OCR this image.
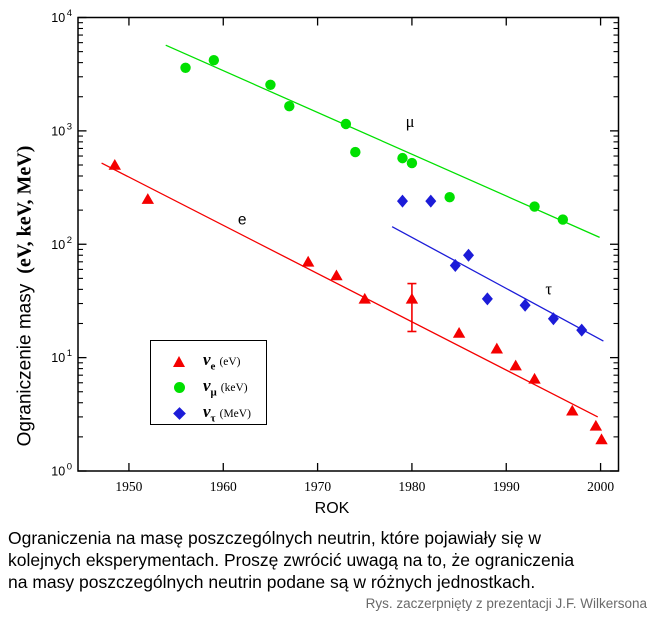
1950	1960	1970	1980	1990	2000
10 $^0$
10 $^1$
10 $^2$
10 $^3$
10 $^4$
e
μ
τ
Ograniczenie masy(eV, keV, MeV)
ROK
$\nu_e$ (eV)
$\nu_\mu$ (keV)
$\nu_\tau$ (MeV)
Ograniczenia na masę poszczególnych neutrin, które pojawiały się w
kolejnych eksperymentach. Proszę zwrócić uwagą na to, że ograniczenia
na masy poszczególnych neutrin podane są w różnych jednostkach.
Rys. zaczerpnięty z prezentacji J.F. Wilkersona
